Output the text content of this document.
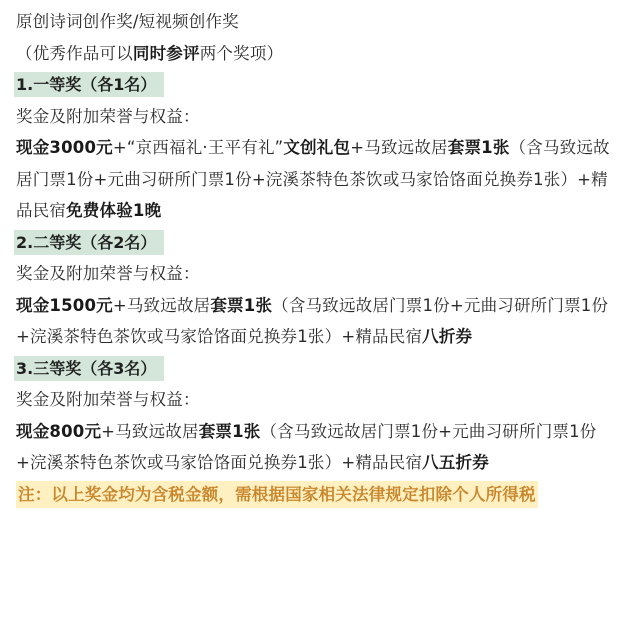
原创诗词创作奖/短视频创作奖
（优秀作品可以同时参评两个奖项）
1.一等奖（各1名）
奖金及附加荣誉与权益：
现金3000元+“京西福礼·王平有礼”文创礼包+马致远故居套票1张（含马致远故居门票1份+元曲习研所门票1份+浣溪茶特色茶饮或马家饸饹面兑换券1张）+精品民宿免费体验1晚
2.二等奖（各2名）
奖金及附加荣誉与权益：
现金1500元+马致远故居套票1张（含马致远故居门票1份+元曲习研所门票1份+浣溪茶特色茶饮或马家饸饹面兑换券1张）+精品民宿八折券
3.三等奖（各3名）
奖金及附加荣誉与权益：
现金800元+马致远故居套票1张（含马致远故居门票1份+元曲习研所门票1份+浣溪茶特色茶饮或马家饸饹面兑换券1张）+精品民宿八五折券
注：以上奖金均为含税金额，需根据国家相关法律规定扣除个人所得税
